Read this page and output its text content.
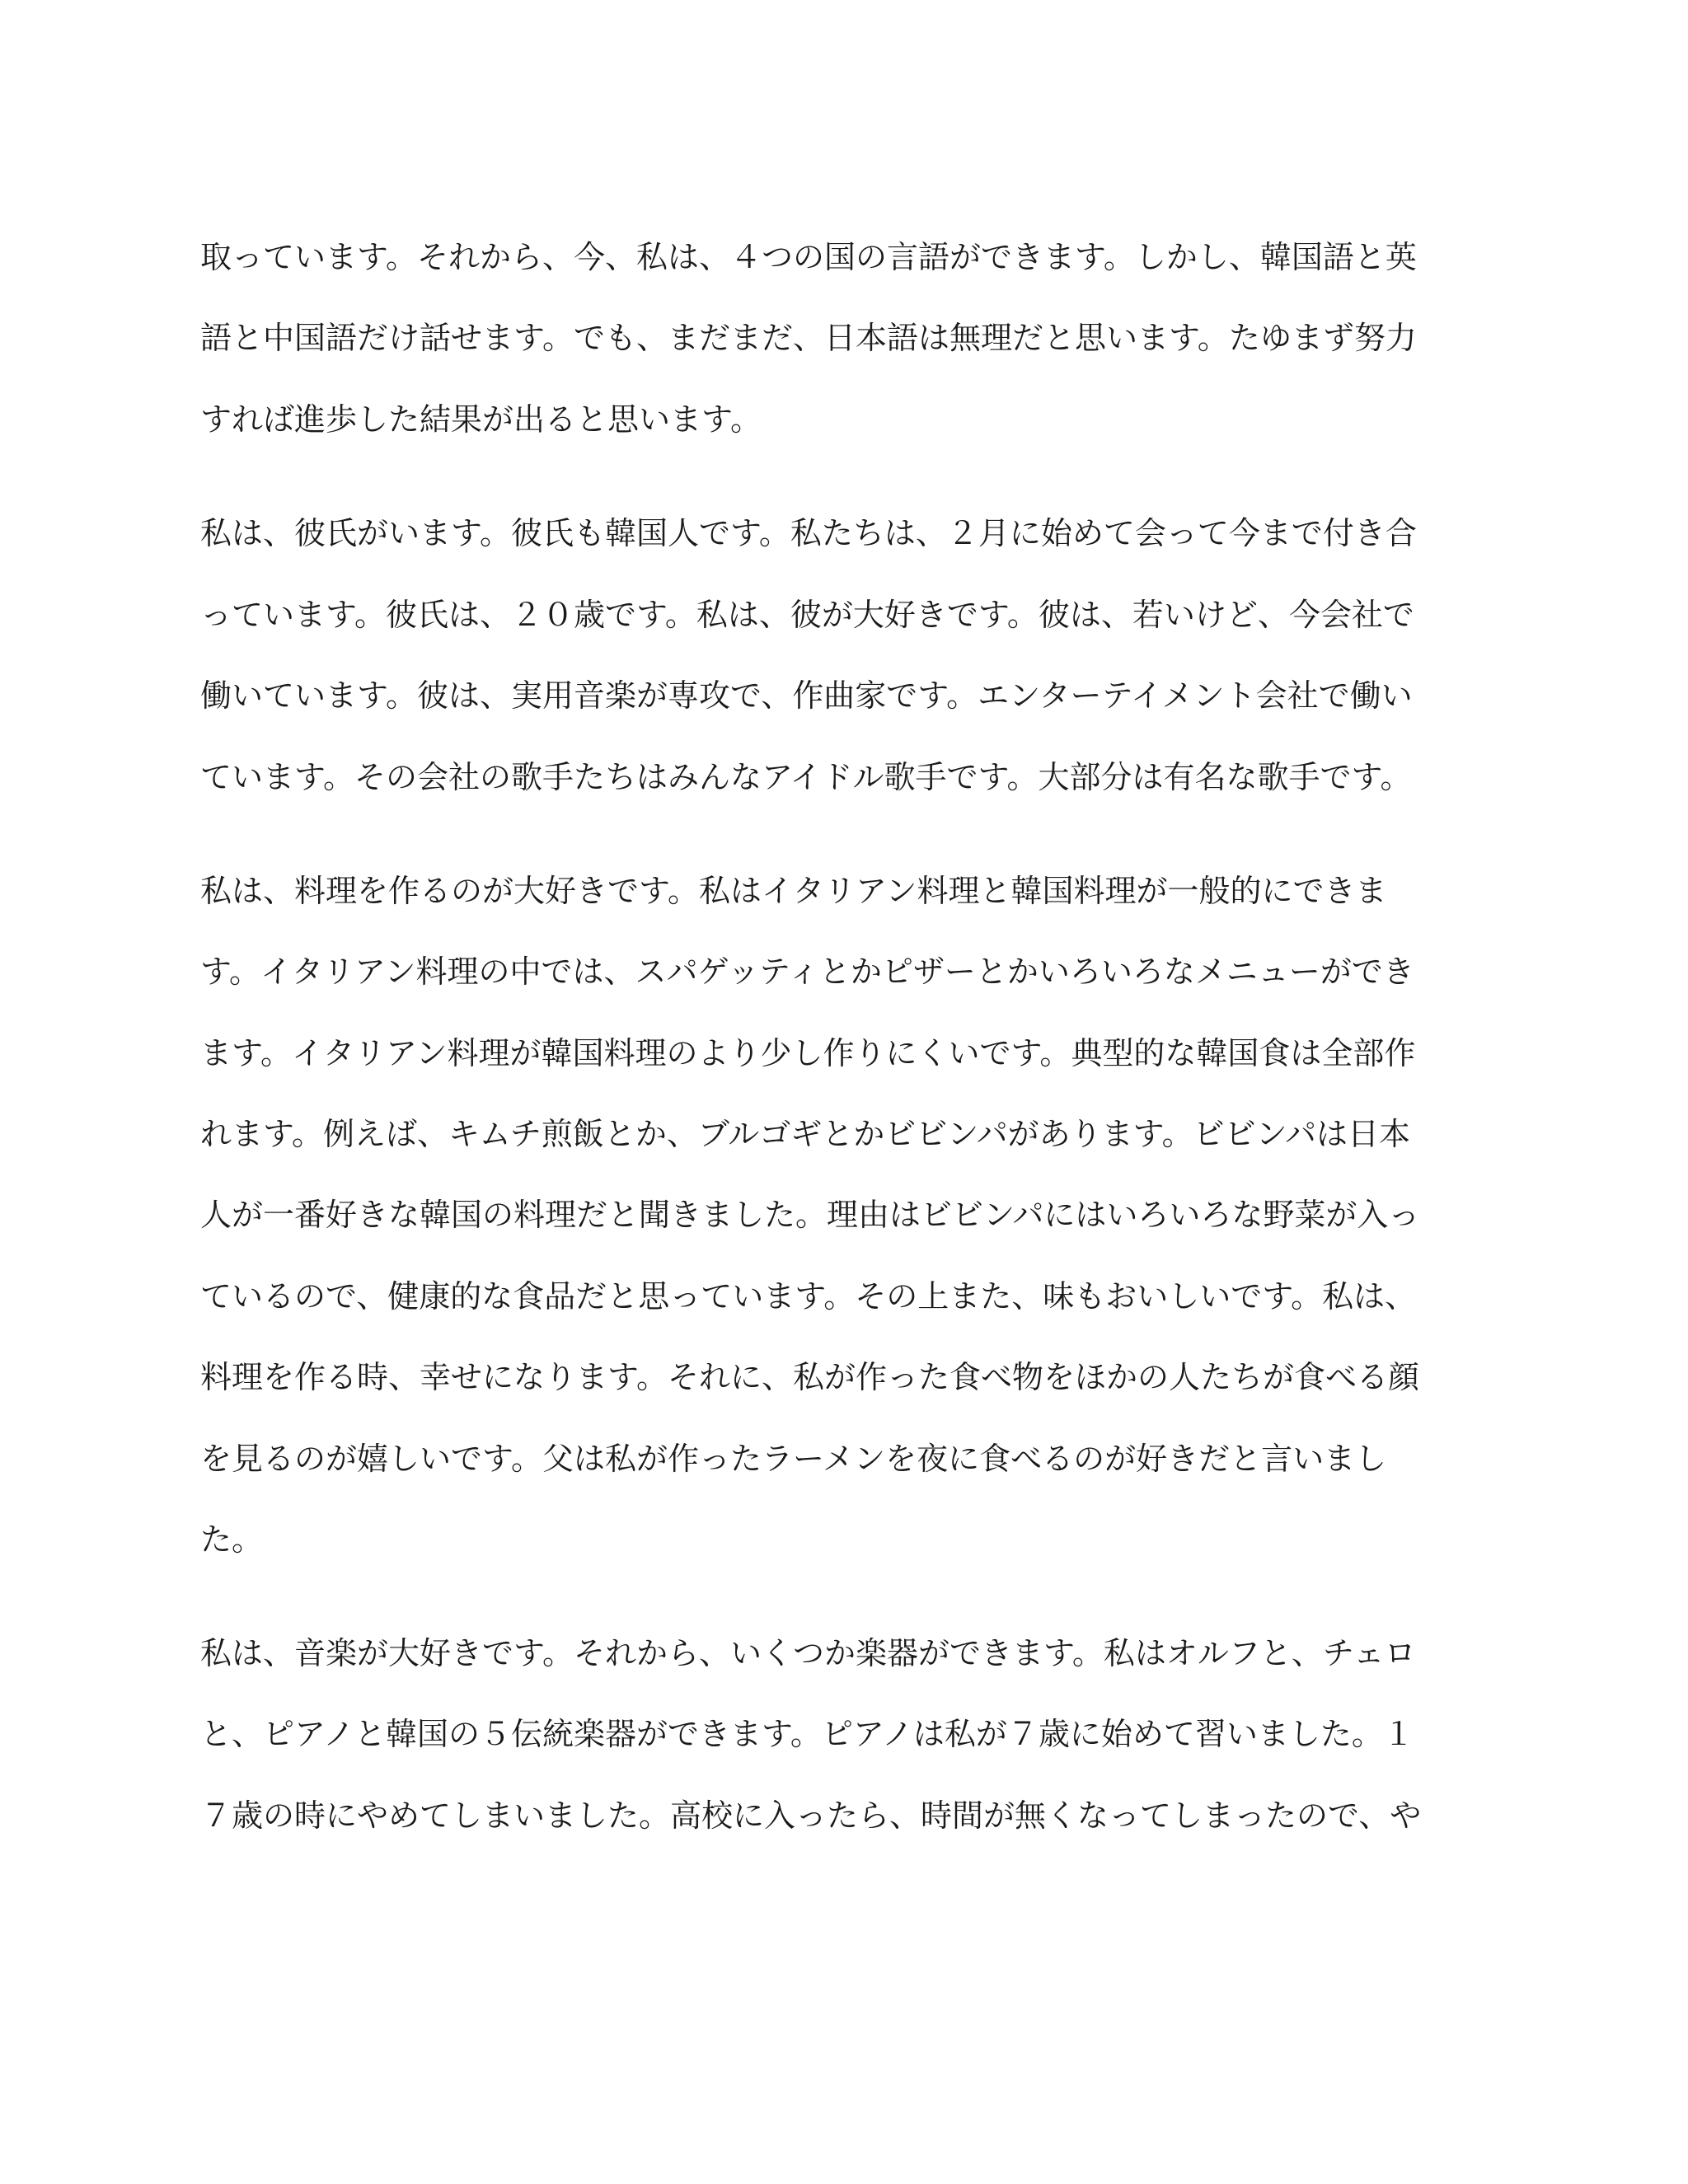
取っています。それから、今、私は、４つの国の言語ができます。しかし、韓国語と英
語と中国語だけ話せます。でも、まだまだ、日本語は無理だと思います。たゆまず努力
すれば進歩した結果が出ると思います。
私は、彼氏がいます。彼氏も韓国人です。私たちは、２月に始めて会って今まで付き合
っています。彼氏は、２０歳です。私は、彼が大好きです。彼は、若いけど、今会社で
働いています。彼は、実用音楽が専攻で、作曲家です。エンターテイメント会社で働い
ています。その会社の歌手たちはみんなアイドル歌手です。大部分は有名な歌手です。
私は、料理を作るのが大好きです。私はイタリアン料理と韓国料理が一般的にできま
す。イタリアン料理の中では、スパゲッティとかピザーとかいろいろなメニューができ
ます。イタリアン料理が韓国料理のより少し作りにくいです。典型的な韓国食は全部作
れます。例えば、キムチ煎飯とか、ブルゴギとかビビンパがあります。ビビンパは日本
人が一番好きな韓国の料理だと聞きました。理由はビビンパにはいろいろな野菜が入っ
ているので、健康的な食品だと思っています。その上また、味もおいしいです。私は、
料理を作る時、幸せになります。それに、私が作った食べ物をほかの人たちが食べる顔
を見るのが嬉しいです。父は私が作ったラーメンを夜に食べるのが好きだと言いまし
た。
私は、音楽が大好きです。それから、いくつか楽器ができます。私はオルフと、チェロ
と、ピアノと韓国の５伝統楽器ができます。ピアノは私が７歳に始めて習いました。１
７歳の時にやめてしまいました。高校に入ったら、時間が無くなってしまったので、や
